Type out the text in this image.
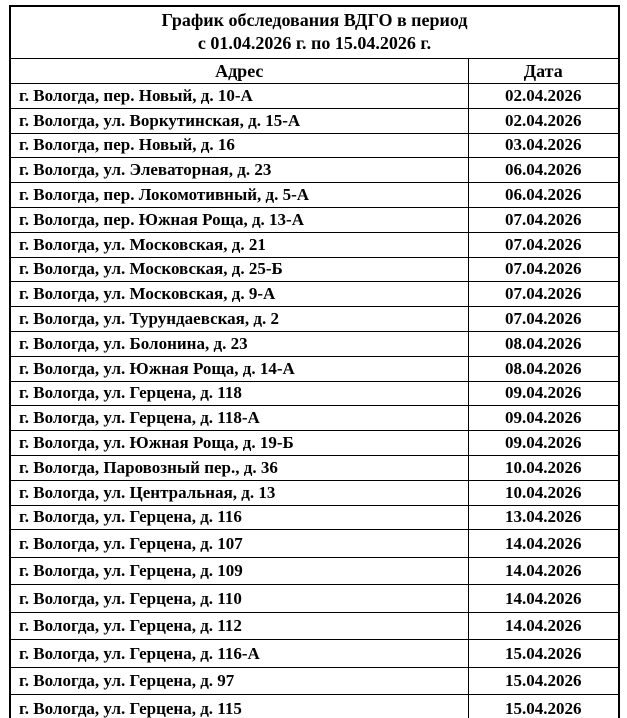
График обследования ВДГО в период
с 01.04.2026 г. по 15.04.2026 г.	

Адрес	Дата
г. Вологда, пер. Новый, д. 10-А	02.04.2026
г. Вологда, ул. Воркутинская, д. 15-А	02.04.2026
г. Вологда, пер. Новый, д. 16	03.04.2026
г. Вологда, ул. Элеваторная, д. 23	06.04.2026
г. Вологда, пер. Локомотивный, д. 5-А	06.04.2026
г. Вологда, пер. Южная Роща, д. 13-А	07.04.2026
г. Вологда, ул. Московская, д. 21	07.04.2026
г. Вологда, ул. Московская, д. 25-Б	07.04.2026
г. Вологда, ул. Московская, д. 9-А	07.04.2026
г. Вологда, ул. Турундаевская, д. 2	07.04.2026
г. Вологда, ул. Болонина, д. 23	08.04.2026
г. Вологда, ул. Южная Роща, д. 14-А	08.04.2026
г. Вологда, ул. Герцена, д. 118	09.04.2026
г. Вологда, ул. Герцена, д. 118-А	09.04.2026
г. Вологда, ул. Южная Роща, д. 19-Б	09.04.2026
г. Вологда, Паровозный пер., д. 36	10.04.2026
г. Вологда, ул. Центральная, д. 13	10.04.2026
г. Вологда, ул. Герцена, д. 116	13.04.2026
г. Вологда, ул. Герцена, д. 107	14.04.2026
г. Вологда, ул. Герцена, д. 109	14.04.2026
г. Вологда, ул. Герцена, д. 110	14.04.2026
г. Вологда, ул. Герцена, д. 112	14.04.2026
г. Вологда, ул. Герцена, д. 116-А	15.04.2026
г. Вологда, ул. Герцена, д. 97	15.04.2026
г. Вологда, ул. Герцена, д. 115	15.04.2026
